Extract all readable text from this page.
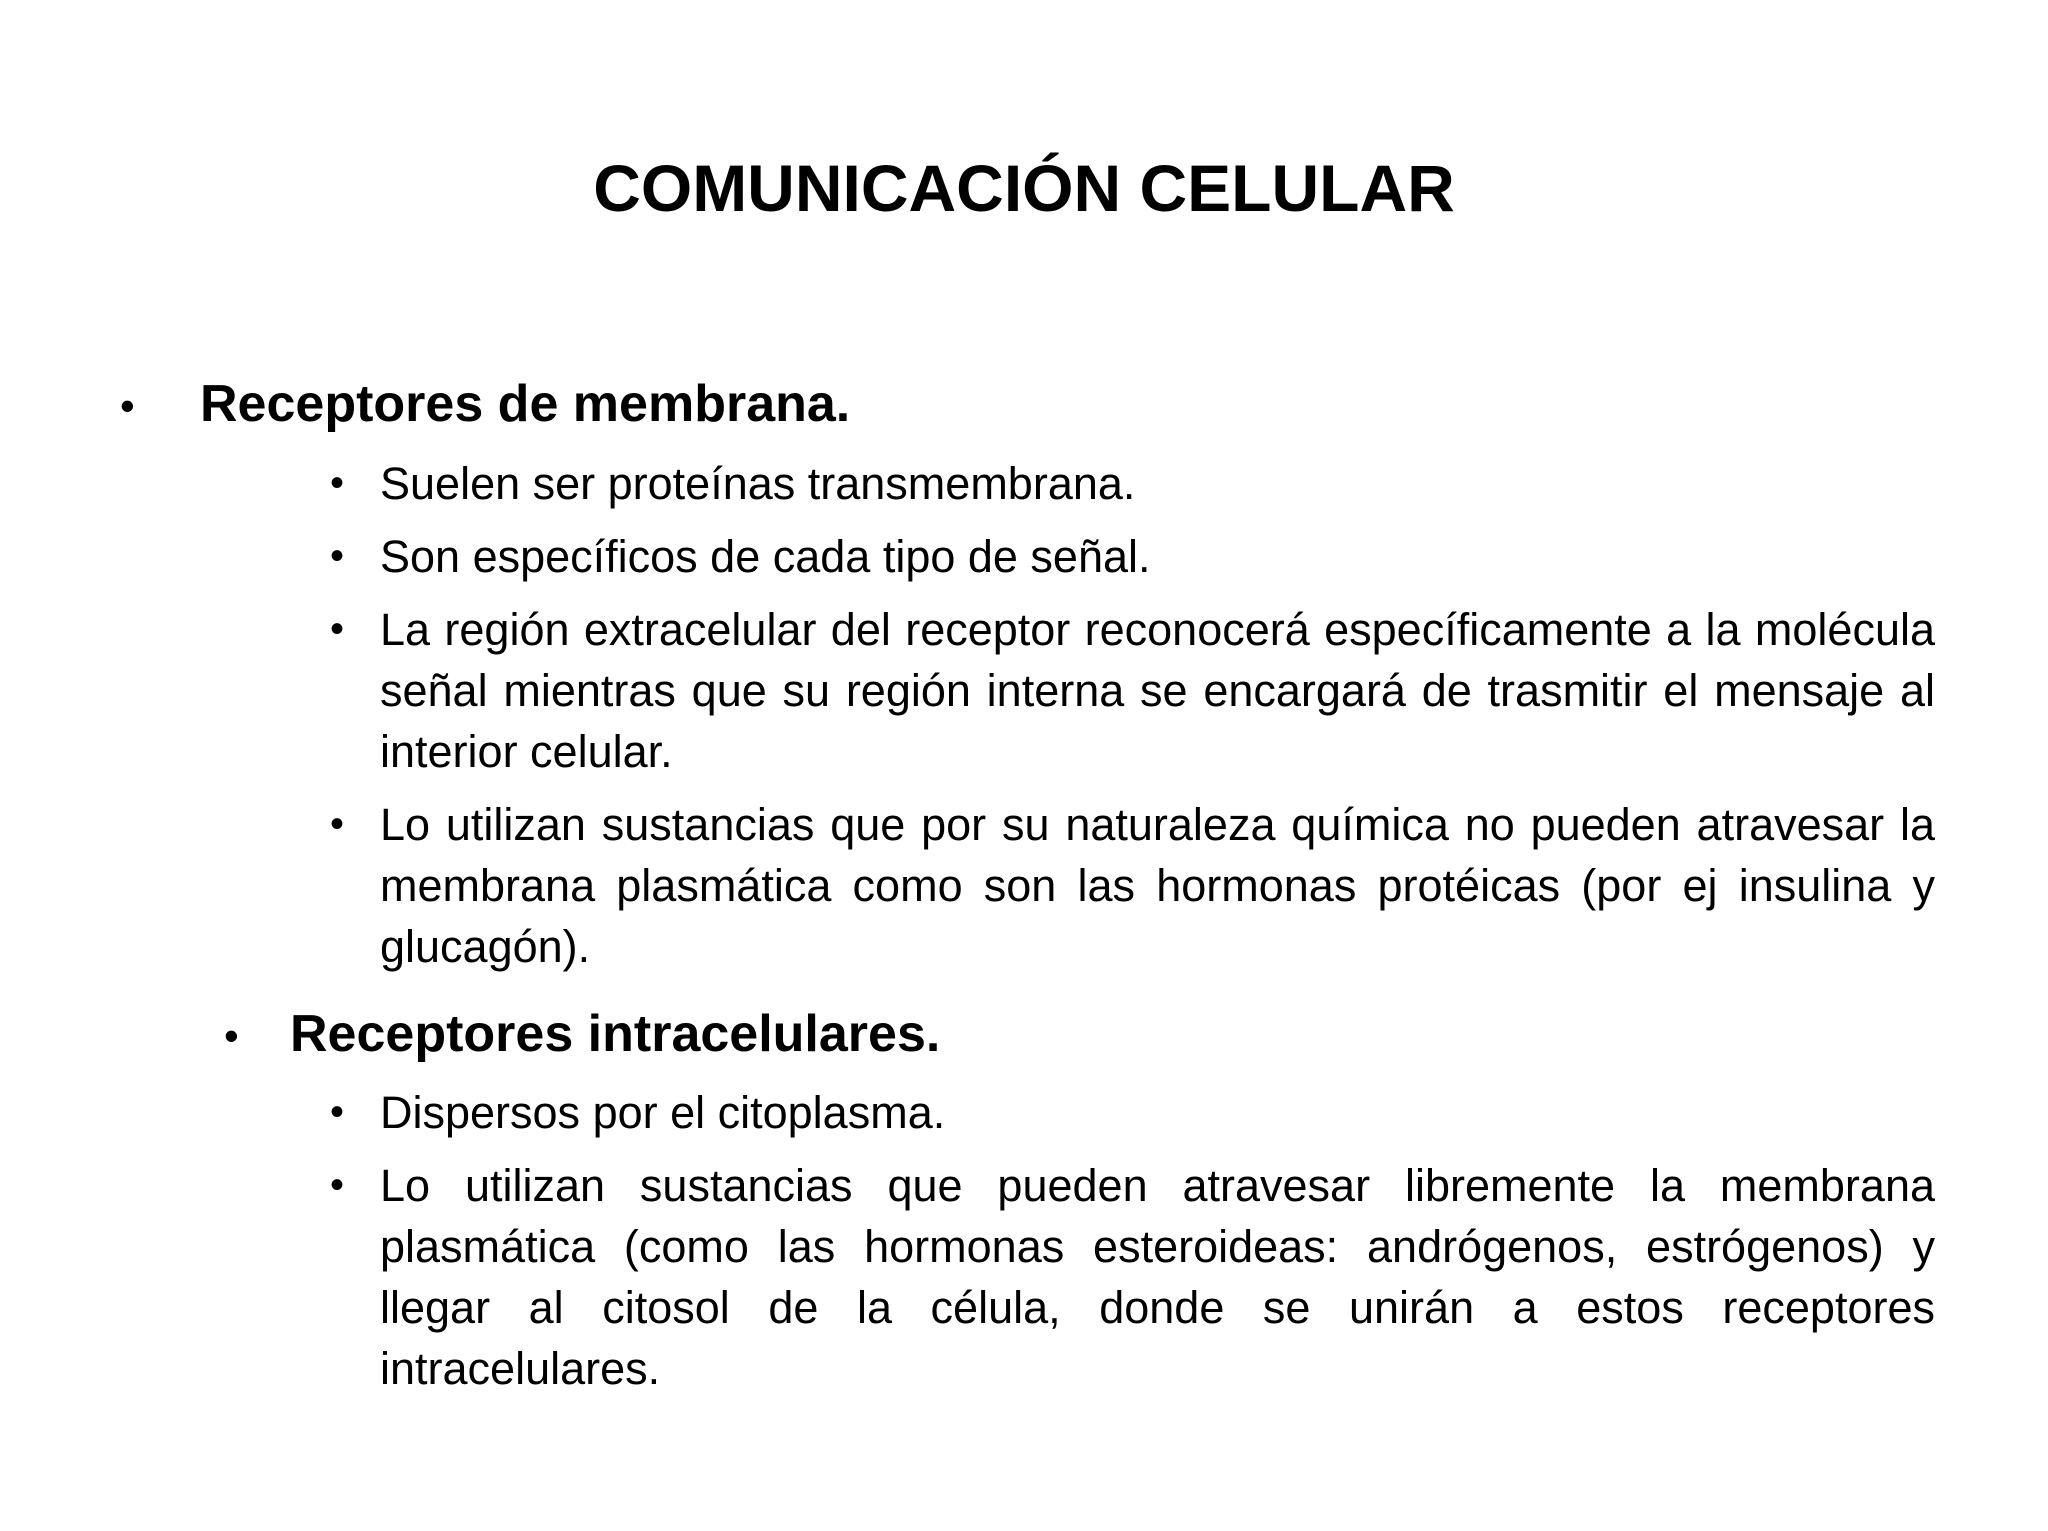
COMUNICACIÓN CELULAR
• Receptores de membrana.
• Suelen ser proteínas transmembrana.
• Son específicos de cada tipo de señal.
• La región extracelular del receptor reconocerá específicamente a la molécula señal mientras que su región interna se encargará de trasmitir el mensaje al interior celular.
• Lo utilizan sustancias que por su naturaleza química no pueden atravesar la membrana plasmática como son las hormonas protéicas (por ej insulina y glucagón).
• Receptores intracelulares.
• Dispersos por el citoplasma.
• Lo utilizan sustancias que pueden atravesar libremente la membrana plasmática (como las hormonas esteroideas: andrógenos, estrógenos) y llegar al citosol de la célula, donde se unirán a estos receptores intracelulares.
